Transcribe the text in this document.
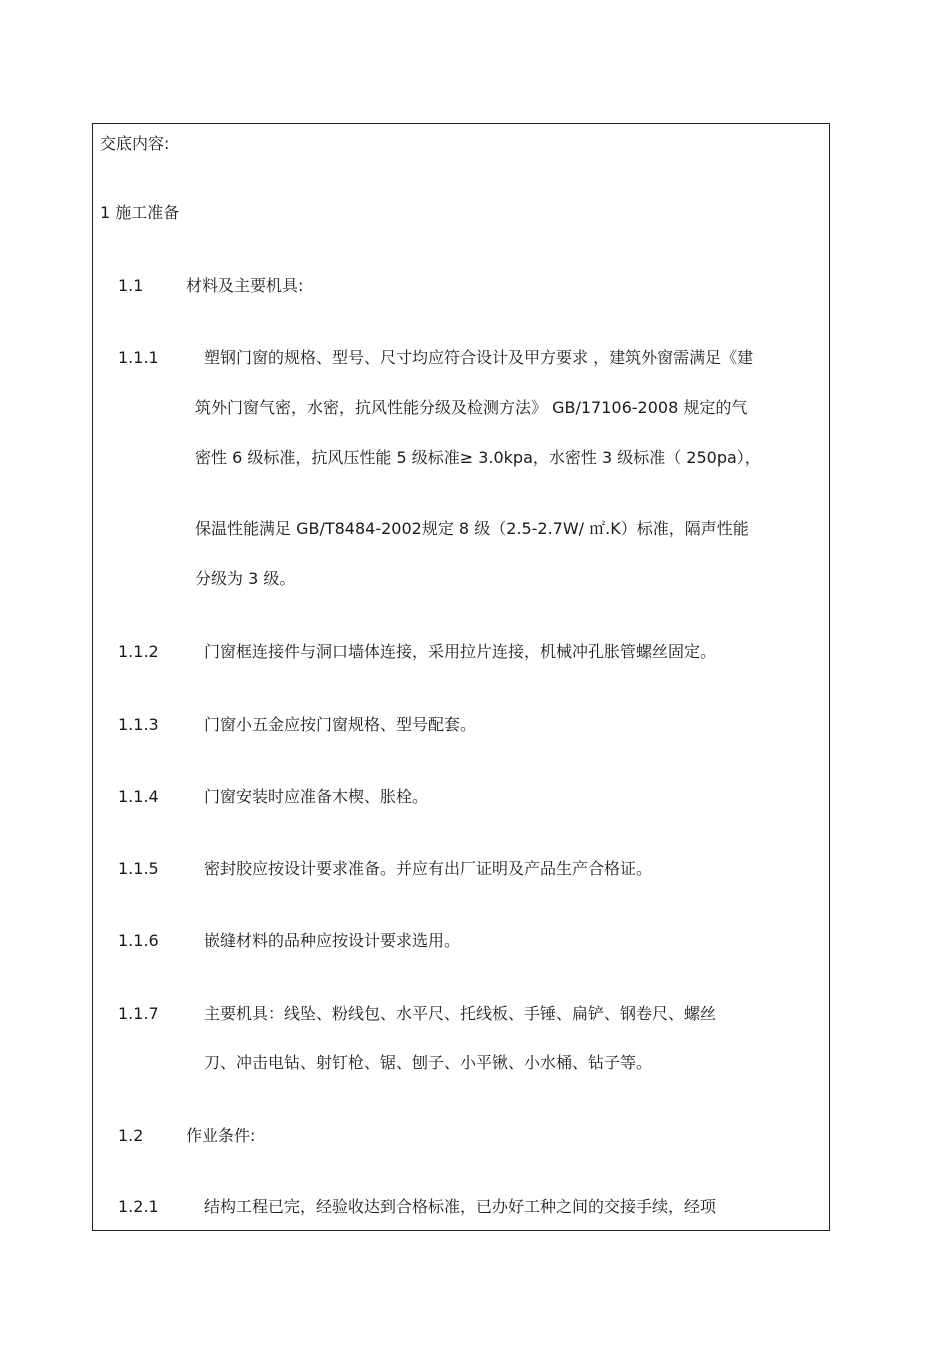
交底内容:
1 施工准备
1.1	材料及主要机具:
1.1.1	塑钢门窗的规格、型号、尺寸均应符合设计及甲方要求 ，建筑外窗需满足《建
筑外门窗气密，水密，抗风性能分级及检测方法》 GB/17106-2008 规定的气
密性 6 级标准，抗风压性能 5 级标准≥ 3.0kpa，水密性 3 级标准（ 250pa），
保温性能满足 GB/T8484-2002规定 8 级（2.5-2.7W/ ㎡.K）标准，隔声性能
分级为 3 级。
1.1.2	门窗框连接件与洞口墙体连接，采用拉片连接，机械冲孔胀管螺丝固定。
1.1.3	门窗小五金应按门窗规格、型号配套。
1.1.4	门窗安装时应准备木楔、胀栓。
1.1.5	密封胶应按设计要求准备。并应有出厂证明及产品生产合格证。
1.1.6	嵌缝材料的品种应按设计要求选用。
1.1.7	主要机具：线坠、粉线包、水平尺、托线板、手锤、扁铲、钢卷尺、螺丝
刀、冲击电钻、射钉枪、锯、刨子、小平锹、小水桶、钻子等。
1.2	作业条件:
1.2.1	结构工程已完，经验收达到合格标准，已办好工种之间的交接手续，经项
